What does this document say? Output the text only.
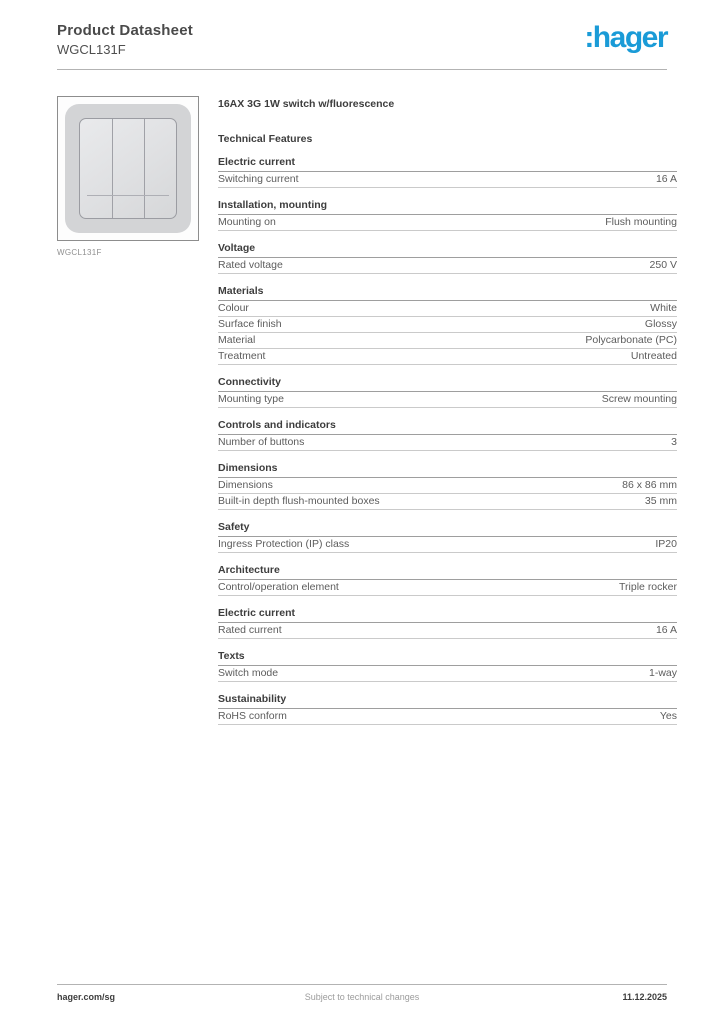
Product Datasheet
WGCL131F	:hager
WGCL131F
16AX 3G 1W switch w/fluorescence
Technical Features
Electric current
Switching current	16 A
Installation, mounting
Mounting on	Flush mounting
Voltage
Rated voltage	250 V
Materials
Colour	White
Surface finish	Glossy
Material	Polycarbonate (PC)
Treatment	Untreated
Connectivity
Mounting type	Screw mounting
Controls and indicators
Number of buttons	3
Dimensions
Dimensions	86 x 86 mm
Built-in depth flush-mounted boxes	35 mm
Safety
Ingress Protection (IP) class	IP20
Architecture
Control/operation element	Triple rocker
Electric current
Rated current	16 A
Texts
Switch mode	1-way
Sustainability
RoHS conform	Yes
hager.com/sg	Subject to technical changes	11.12.2025
